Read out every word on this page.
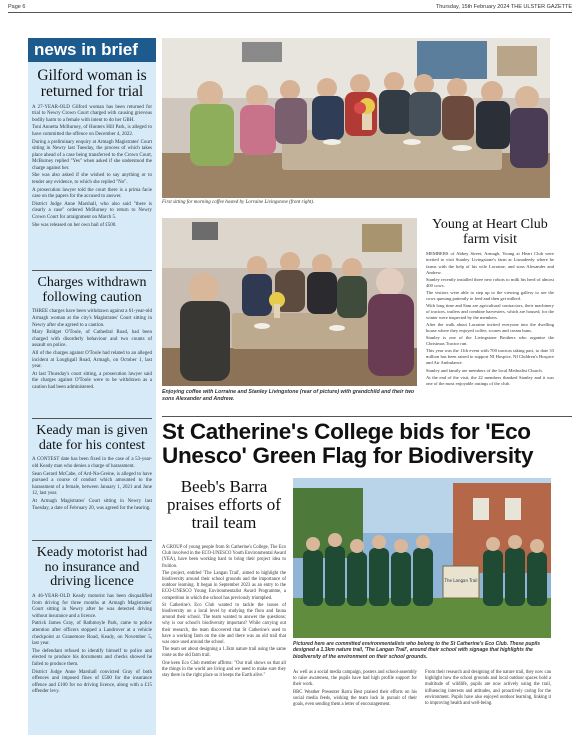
Page 6	Thursday, 15th February 2024 THE ULSTER GAZETTE
news in brief
Gilford woman is returned for trial

A 27-YEAR-OLD Gilford woman has been returned for trial to Newry Crown Court charged with causing grievous bodily harm to a female with intent to do her GBH.

Toni Annetta McBurney, of Hunters Hill Park, is alleged to have committed the offence on December 4, 2022.

During a preliminary enquiry at Armagh Magistrates' Court sitting in Newry last Tuesday, the process of which takes place ahead of a case being transferred to the Crown Court, McBurney replied "Yes" when asked if she understood the charge against her.

She was also asked if she wished to say anything or to tender any evidence, to which she replied "No".

A prosecution lawyer told the court there is a prima facie case on the papers for the accused to answer.

District Judge Anne Marshall, who also said "there is clearly a case" ordered McBurney to return to Newry Crown Court for arraignment on March 5.

She was released on her own bail of £500.

Charges withdrawn following caution

THREE charges have been withdrawn against a 61-year-old Armagh woman at the city's Magistrates' Court sitting in Newry after she agreed to a caution.

Mary Bridget O'Toole, of Cathedral Road, had been charged with disorderly behaviour and two counts of assault on police.

All of the charges against O'Toole had related to an alleged incident at Loughgall Road, Armagh, on October 1, last year.

At last Thursday's court sitting, a prosecution lawyer said the charges against O'Toole were to be withdrawn as a caution had been administered.

Keady man is given date for his contest

A CONTEST date has been fixed in the case of a 53-year-old Keady man who denies a charge of harassment.

Sean Gerard McCabe, of Ard-Na-Greine, is alleged to have pursued a course of conduct which amounted to the harassment of a female, between January 1, 2021 and June 12, last year.

At Armagh Magistrates' Court sitting in Newry last Tuesday, a date of February 20, was agreed for the hearing.

Keady motorist had no insurance and driving licence

A 46-YEAR-OLD Keady motorist has been disqualified from driving for three months at Armagh Magistrates' Court sitting in Newry after he was detected driving without insurance and a licence.

Patrick James Gray, of Rathmoyle Park, came to police attention after officers stopped a Landrover at a vehicle checkpoint at Granemore Road, Keady, on November 5, last year.

The defendant refused to identify himself to police and elected to produce his documents and checks showed he failed to produce them.

District Judge Anne Marshall convicted Gray of both offences and imposed fines of £500 for the insurance offence and £100 for no driving licence, along with a £15 offender levy.

First sitting for morning coffee hosted by Lorraine Livingstone (front right).
Enjoying coffee with Lorraine and Stanley Livingstone (rear of picture) with grandchild and their two sons Alexander and Andrew.
Young at Heart Club farm visit

MEMBERS of Abbey Street, Armagh, Young at Heart Club were invited to visit Stanley Livingstone's farm at Lisnadeedy where he farms with the help of his wife Lorraine, and sons Alexander and Andrew.

Stanley recently installed three new robots to milk his herd of almost 400 cows.

The visitors were able to step up to the viewing gallery to see the cows queuing patiently to feed and then get milked.

With long time and 8am are agricultural contractors, their machinery of tractors, trailers and combine harvesters, which are housed, for the winter were inspected by the members.

After the walk about Lorraine invited everyone into the dwelling house where they enjoyed coffee, scones and cream buns.

Stanley is one of the Livingstone Brothers who organise the Christmas Tractor run.

This year was the 11th event with 700 tractors taking part, to date 33 million has been raised to support NI Hospice, NI Children's Hospice and Air Ambulance.

Stanley and family are members of the local Methodist Church.

At the end of the visit, the 22 members thanked Stanley and it was one of the most enjoyable outings of the club.

St Catherine's College bids for 'Eco Unesco' Green Flag for Biodiversity
Beeb's Barra praises efforts of trail team

A GROUP of young people from St Catherine's College, The Eco Club involved in the ECO-UNESCO Youth Environmental Award (YEA), have been working hard to bring their project idea to fruition.

The project, entitled 'The Langan Trail', aimed to highlight the biodiversity around their school grounds and the importance of outdoor learning. It began in September 2023 as an entry to the ECO-UNESCO Young Environmentalist Award Programme, a competition in which the school has previously triumphed.

St Catherine's Eco Club wanted to tackle the issues of biodiversity on a local level by studying the flora and fauna around their school. The team wanted to answer the questions: why is our school's biodiversity important? While carrying out their research, the team discovered that St Catherine's used to have a working farm on the site and there was an old trail that was once used around the school.

The team set about designing a 1.3km nature trail using the same route as the old farm trail.

One keen Eco Club member affirms: "Our trail shows us that all the things in the world are living and we need to make sure they stay there in the right place so it keeps the Earth alive."

The Langan Trail
Pictured here are committed environmentalists who belong to the St Catherine's Eco Club. These pupils designed a 1.3km nature trail, 'The Langan Trail', around their school with signage that highlights the biodiversity of the environment on their school grounds.

As well as a social media campaign, posters and school-assembly to raise awareness, the pupils have had high profile support for their work.

BBC Weather Presenter Barra Best praised their efforts on his social media feeds, wishing the team luck in pursuit of their goals, even sending them a letter of encouragement.

From their research and designing of the nature trail, they now can highlight how the school grounds and local outdoor spaces hold a multitude of wildlife, pupils are now actively using the trail, influencing interests and attitudes, and proactively caring for the environment. Pupils have also enjoyed outdoor learning, linking it to improving health and well-being.
